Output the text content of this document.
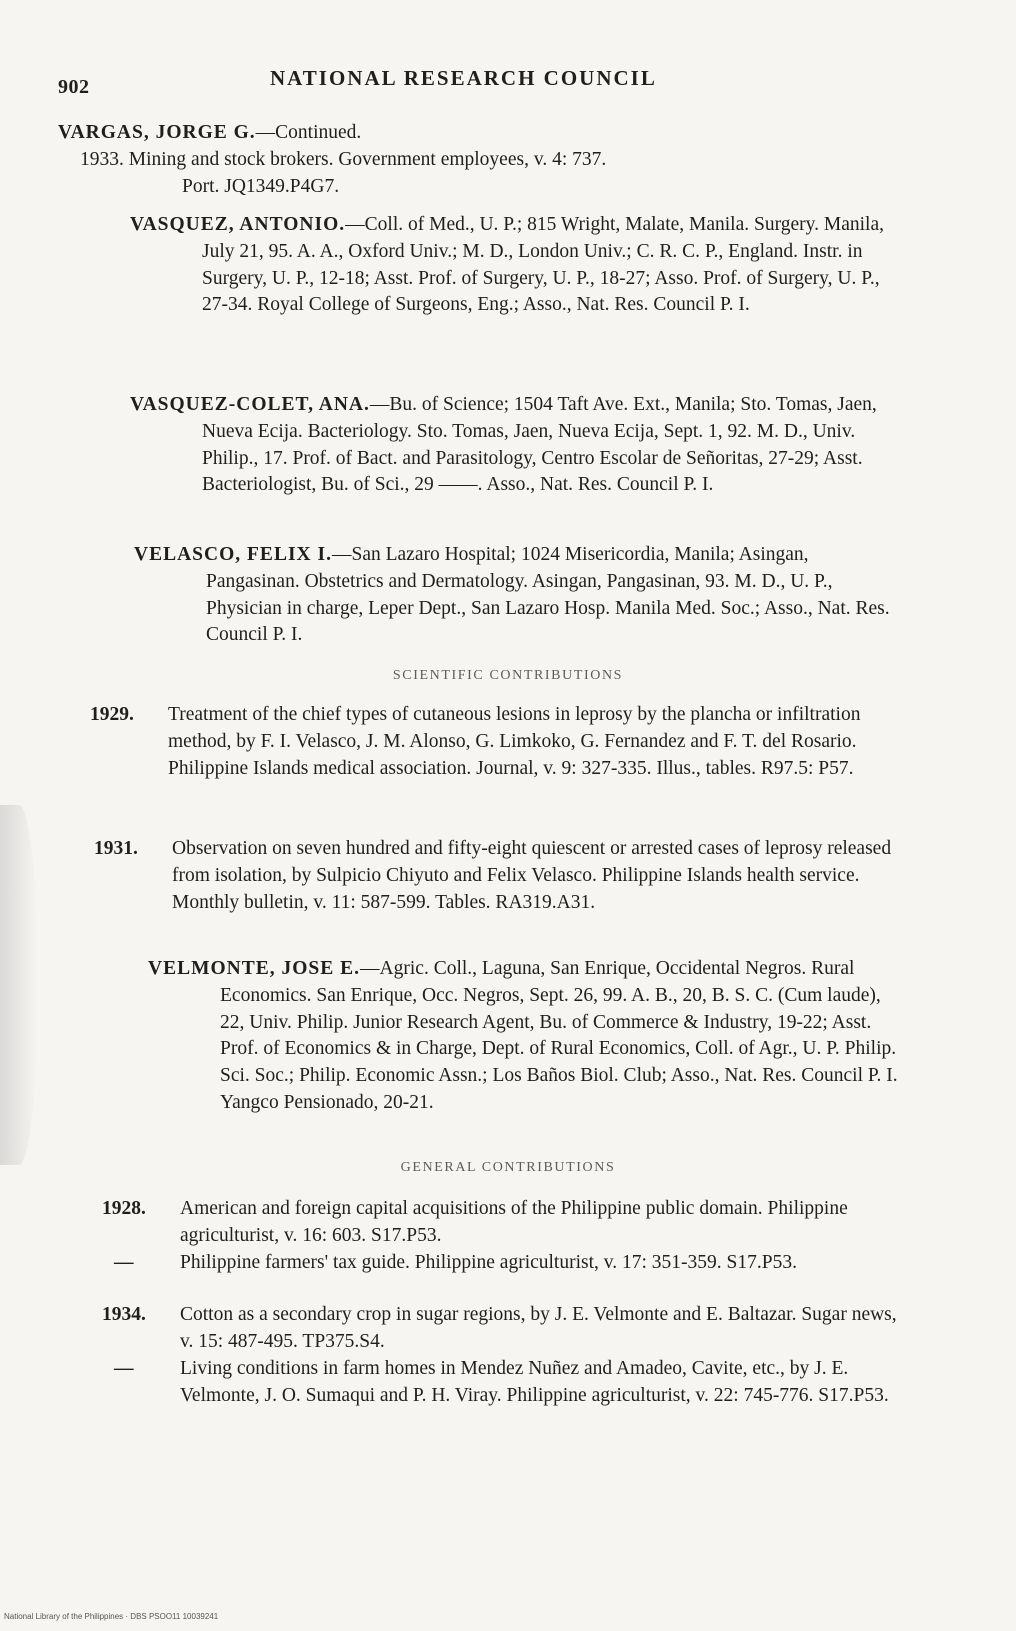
902	NATIONAL RESEARCH COUNCIL

VARGAS, JORGE G.—Continued.

1933. Mining and stock brokers. Government employees, v. 4: 737.

Port. JQ1349.P4G7.

VASQUEZ, ANTONIO.—Coll. of Med., U. P.; 815 Wright, Malate, Manila. Surgery. Manila, July 21, 95. A. A., Oxford Univ.; M. D., London Univ.; C. R. C. P., England. Instr. in Surgery, U. P., 12-18; Asst. Prof. of Surgery, U. P., 18-27; Asso. Prof. of Surgery, U. P., 27-34. Royal College of Surgeons, Eng.; Asso., Nat. Res. Council P. I.

VASQUEZ-COLET, ANA.—Bu. of Science; 1504 Taft Ave. Ext., Manila; Sto. Tomas, Jaen, Nueva Ecija. Bacteriology. Sto. Tomas, Jaen, Nueva Ecija, Sept. 1, 92. M. D., Univ. Philip., 17. Prof. of Bact. and Parasitology, Centro Escolar de Señoritas, 27-29; Asst. Bacteriologist, Bu. of Sci., 29 ——. Asso., Nat. Res. Council P. I.

VELASCO, FELIX I.—San Lazaro Hospital; 1024 Misericordia, Manila; Asingan, Pangasinan. Obstetrics and Dermatology. Asingan, Pangasinan, 93. M. D., U. P., Physician in charge, Leper Dept., San Lazaro Hosp. Manila Med. Soc.; Asso., Nat. Res. Council P. I.

SCIENTIFIC CONTRIBUTIONS
1929.	Treatment of the chief types of cutaneous lesions in leprosy by the plancha or infiltration method, by F. I. Velasco, J. M. Alonso, G. Limkoko, G. Fernandez and F. T. del Rosario. Philippine Islands medical association. Journal, v. 9: 327-335. Illus., tables. R97.5: P57.
1931.	Observation on seven hundred and fifty-eight quiescent or arrested cases of leprosy released from isolation, by Sulpicio Chiyuto and Felix Velasco. Philippine Islands health service. Monthly bulletin, v. 11: 587-599. Tables. RA319.A31.

VELMONTE, JOSE E.—Agric. Coll., Laguna, San Enrique, Occidental Negros. Rural Economics. San Enrique, Occ. Negros, Sept. 26, 99. A. B., 20, B. S. C. (Cum laude), 22, Univ. Philip. Junior Research Agent, Bu. of Commerce & Industry, 19-22; Asst. Prof. of Economics & in Charge, Dept. of Rural Economics, Coll. of Agr., U. P. Philip. Sci. Soc.; Philip. Economic Assn.; Los Baños Biol. Club; Asso., Nat. Res. Council P. I. Yangco Pensionado, 20-21.

GENERAL CONTRIBUTIONS
1928.	American and foreign capital acquisitions of the Philippine public domain. Philippine agriculturist, v. 16: 603. S17.P53.
—	Philippine farmers' tax guide. Philippine agriculturist, v. 17: 351-359. S17.P53.
1934.	Cotton as a secondary crop in sugar regions, by J. E. Velmonte and E. Baltazar. Sugar news, v. 15: 487-495. TP375.S4.
—	Living conditions in farm homes in Mendez Nuñez and Amadeo, Cavite, etc., by J. E. Velmonte, J. O. Sumaqui and P. H. Viray. Philippine agriculturist, v. 22: 745-776. S17.P53.
National Library of the Philippines · DBS PSOO11 10039241
